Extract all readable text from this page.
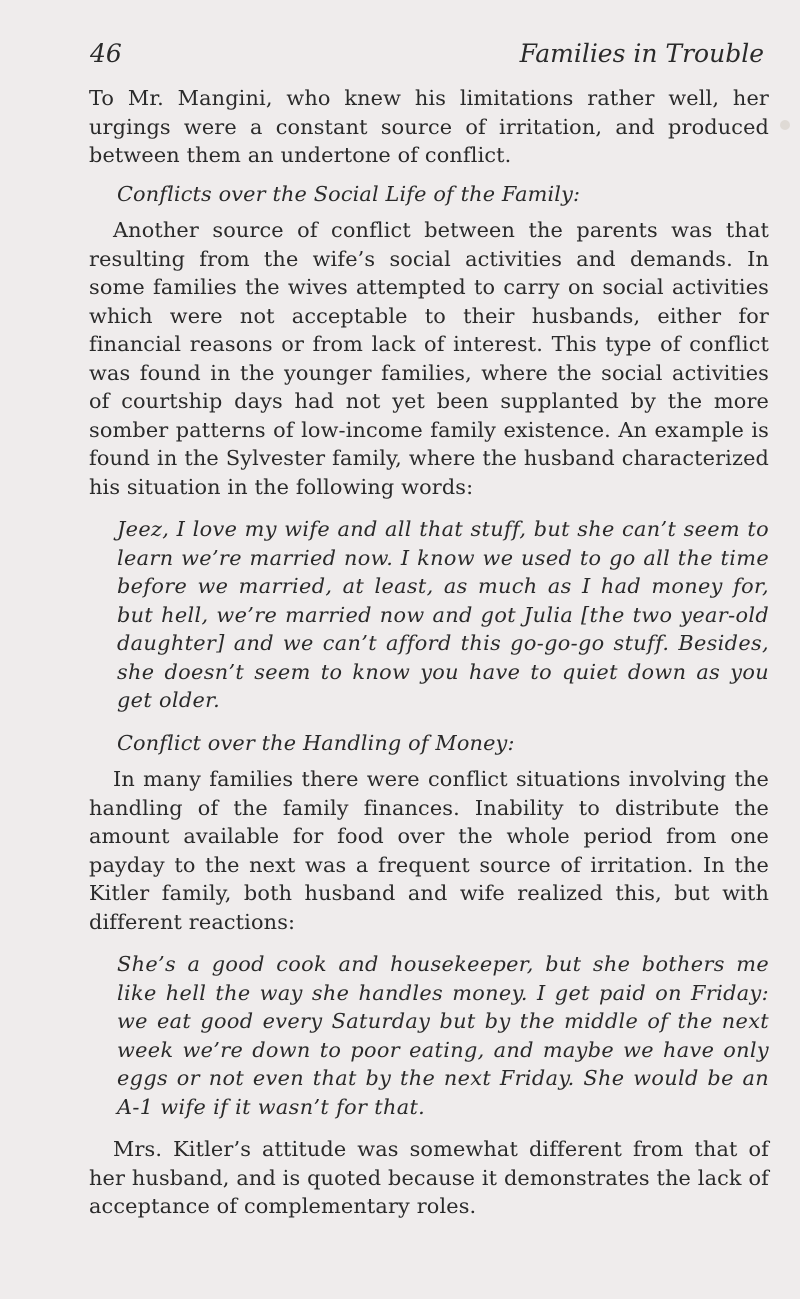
46	Families in Trouble

To Mr. Mangini, who knew his limitations rather well, her urgings were a constant source of irritation, and produced between them an undertone of conflict.

Conflicts over the Social Life of the Family:

Another source of conflict between the parents was that resulting from the wife’s social activities and demands. In some families the wives attempted to carry on social activities which were not acceptable to their husbands, either for financial reasons or from lack of interest. This type of conflict was found in the younger families, where the social activities of courtship days had not yet been supplanted by the more somber patterns of low-income family existence. An example is found in the Sylvester family, where the husband characterized his situation in the following words:

Jeez, I love my wife and all that stuff, but she can’t seem to learn we’re married now. I know we used to go all the time before we married, at least, as much as I had money for, but hell, we’re married now and got Julia [the two year-old daughter] and we can’t afford this go-go-go stuff. Besides, she doesn’t seem to know you have to quiet down as you get older.

Conflict over the Handling of Money:

In many families there were conflict situations involving the handling of the family finances. Inability to distribute the amount available for food over the whole period from one payday to the next was a frequent source of irritation. In the Kitler family, both husband and wife realized this, but with different reactions:

She’s a good cook and housekeeper, but she bothers me like hell the way she handles money. I get paid on Friday: we eat good every Saturday but by the middle of the next week we’re down to poor eating, and maybe we have only eggs or not even that by the next Friday. She would be an A-1 wife if it wasn’t for that.

Mrs. Kitler’s attitude was somewhat different from that of her husband, and is quoted because it demonstrates the lack of acceptance of complementary roles.
